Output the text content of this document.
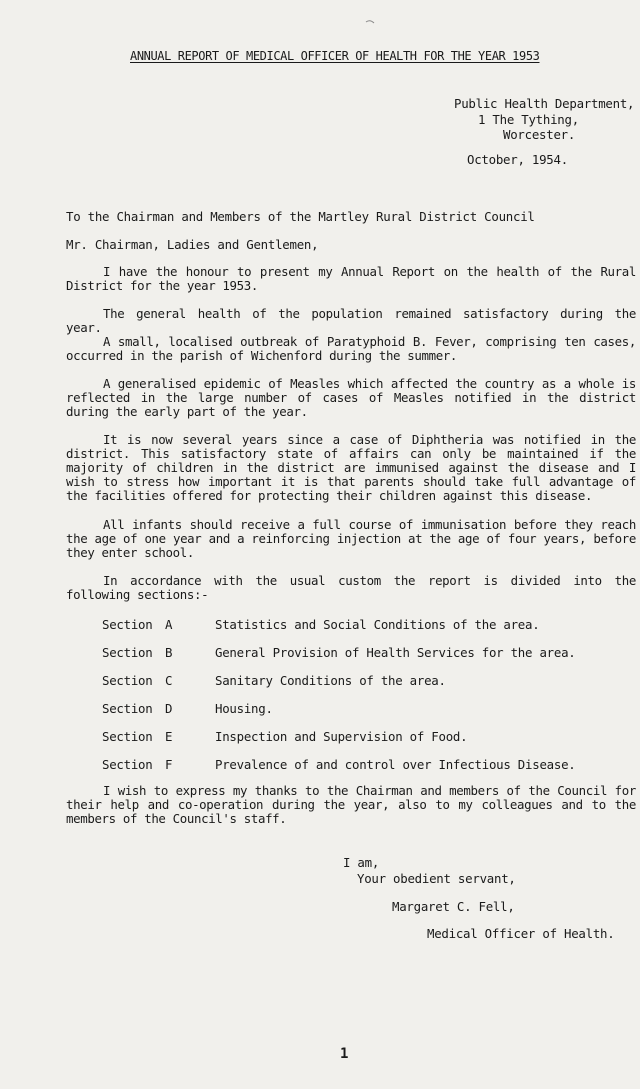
ANNUAL REPORT OF MEDICAL OFFICER OF HEALTH FOR THE YEAR 1953
Public Health Department,
1 The Tything,
Worcester.
October, 1954.
To the Chairman and Members of the Martley Rural District Council
Mr. Chairman, Ladies and Gentlemen,
I have the honour to present my Annual Report on the health of the Rural District for the year 1953.
The general health of the population remained satisfactory during the year.
A small, localised outbreak of Paratyphoid B. Fever, comprising ten cases, occurred in the parish of Wichenford during the summer.
A generalised epidemic of Measles which affected the country as a whole is reflected in the large number of cases of Measles notified in the district during the early part of the year.
It is now several years since a case of Diphtheria was notified in the district. This satisfactory state of affairs can only be maintained if the majority of children in the district are immunised against the disease and I wish to stress how important it is that parents should take full advantage of the facilities offered for protecting their children against this disease.
All infants should receive a full course of immunisation before they reach the age of one year and a reinforcing injection at the age of four years, before they enter school.
In accordance with the usual custom the report is divided into the following sections:-
Section A	Statistics and Social Conditions of the area.
Section B	General Provision of Health Services for the area.
Section C	Sanitary Conditions of the area.
Section D	Housing.
Section E	Inspection and Supervision of Food.
Section F	Prevalence of and control over Infectious Disease.
I wish to express my thanks to the Chairman and members of the Council for their help and co-operation during the year, also to my colleagues and to the members of the Council's staff.
I am,
Your obedient servant,
Margaret C. Fell,
Medical Officer of Health.
1
